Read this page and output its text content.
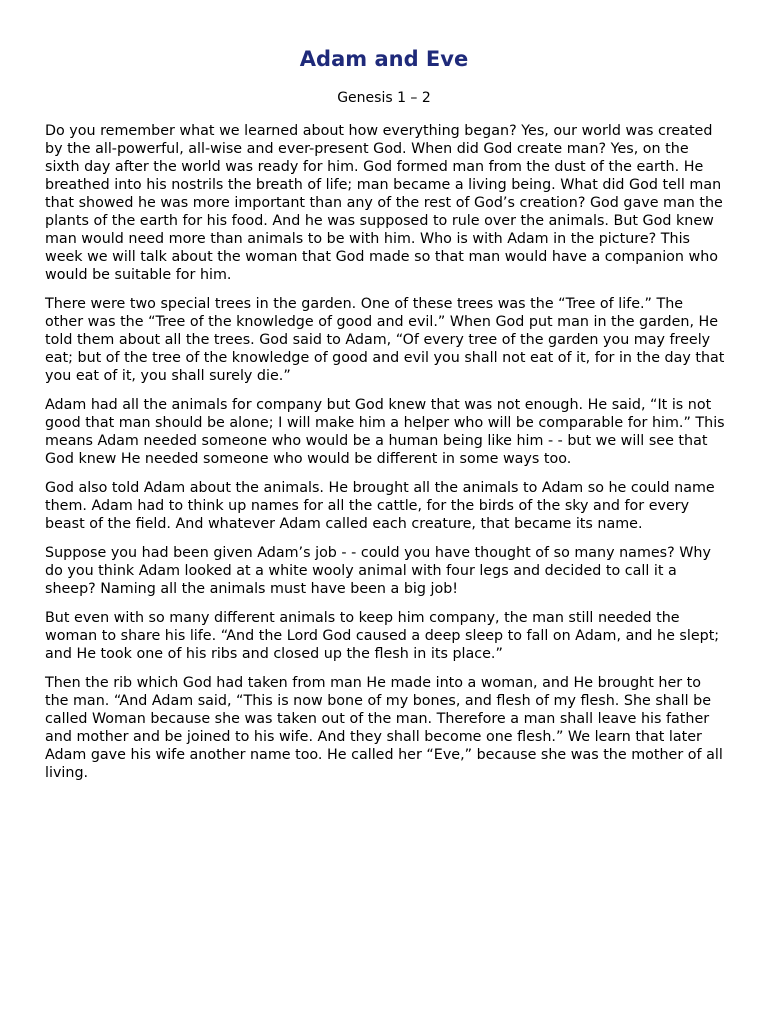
Adam and Eve
Genesis 1 – 2

Do you remember what we learned about how everything began? Yes, our world was created by the all-powerful, all-wise and ever-present God. When did God create man? Yes, on the sixth day after the world was ready for him. God formed man from the dust of the earth. He breathed into his nostrils the breath of life; man became a living being. What did God tell man that showed he was more important than any of the rest of God’s creation? God gave man the plants of the earth for his food. And he was supposed to rule over the animals. But God knew man would need more than animals to be with him. Who is with Adam in the picture? This week we will talk about the woman that God made so that man would have a companion who would be suitable for him.

There were two special trees in the garden. One of these trees was the “Tree of life.” The other was the “Tree of the knowledge of good and evil.” When God put man in the garden, He told them about all the trees. God said to Adam, “Of every tree of the garden you may freely eat; but of the tree of the knowledge of good and evil you shall not eat of it, for in the day that you eat of it, you shall surely die.”

Adam had all the animals for company but God knew that was not enough. He said, “It is not good that man should be alone; I will make him a helper who will be comparable for him.” This means Adam needed someone who would be a human being like him - - but we will see that God knew He needed someone who would be different in some ways too.

God also told Adam about the animals. He brought all the animals to Adam so he could name them. Adam had to think up names for all the cattle, for the birds of the sky and for every beast of the field. And whatever Adam called each creature, that became its name.

Suppose you had been given Adam’s job - - could you have thought of so many names? Why do you think Adam looked at a white wooly animal with four legs and decided to call it a sheep? Naming all the animals must have been a big job!

But even with so many different animals to keep him company, the man still needed the woman to share his life. “And the Lord God caused a deep sleep to fall on Adam, and he slept; and He took one of his ribs and closed up the flesh in its place.”

Then the rib which God had taken from man He made into a woman, and He brought her to the man. “And Adam said, “This is now bone of my bones, and flesh of my flesh. She shall be called Woman because she was taken out of the man. Therefore a man shall leave his father and mother and be joined to his wife. And they shall become one flesh.” We learn that later Adam gave his wife another name too. He called her “Eve,” because she was the mother of all living.
